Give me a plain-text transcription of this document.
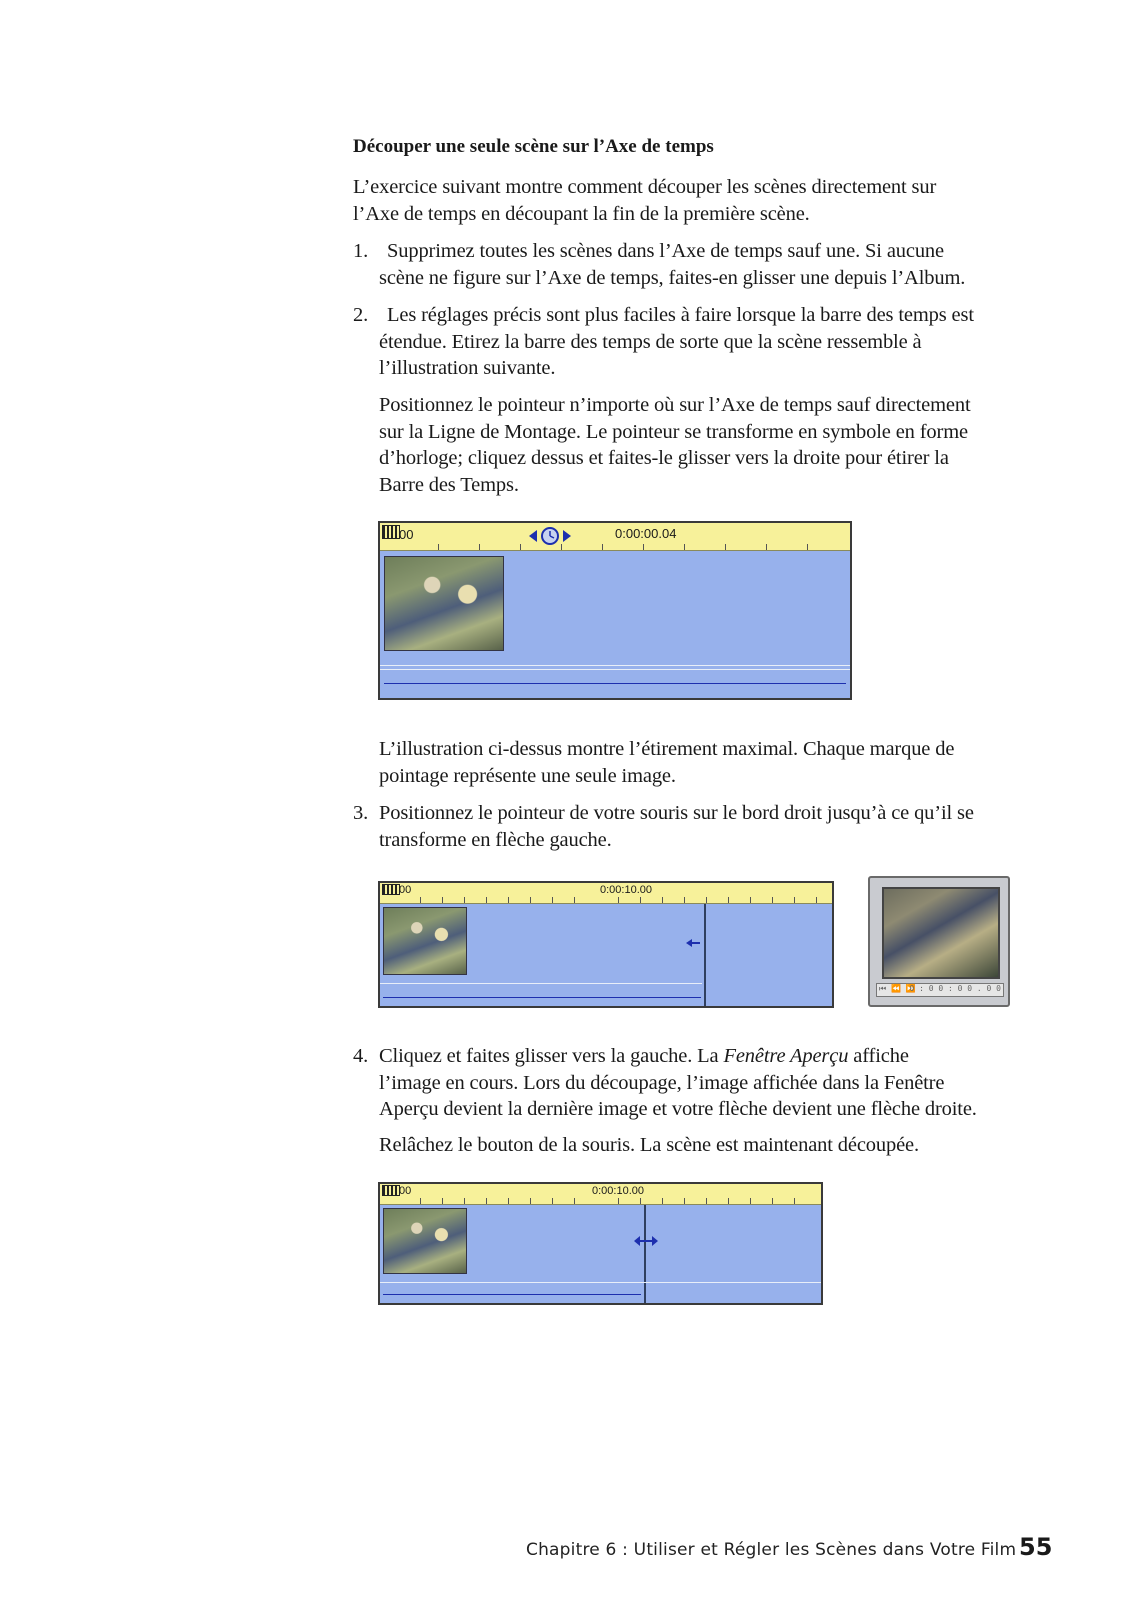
Découper une seule scène sur l’Axe de temps
L’exercice suivant montre comment découper les scènes directement sur
l’Axe de temps en découpant la fin de la première scène.
1. Supprimez toutes les scènes dans l’Axe de temps sauf une. Si aucune
scène ne figure sur l’Axe de temps, faites-en glisser une depuis l’Album.
2. Les réglages précis sont plus faciles à faire lorsque la barre des temps est
étendue. Etirez la barre des temps de sorte que la scène ressemble à
l’illustration suivante.
Positionnez le pointeur n’importe où sur l’Axe de temps sauf directement
sur la Ligne de Montage. Le pointeur se transforme en symbole en forme
d’horloge; cliquez dessus et faites-le glisser vers la droite pour étirer la
Barre des Temps.
00	0:00:00.04
L’illustration ci-dessus montre l’étirement maximal. Chaque marque de
pointage représente une seule image.
3. Positionnez le pointeur de votre souris sur le bord droit jusqu’à ce qu’il se
transforme en flèche gauche.
00	0:00:10.00
⏮ ⏪ ⏩
0 : 0 0 : 0 0 . 0 0
4. Cliquez et faites glisser vers la gauche. La Fenêtre Aperçu affiche
l’image en cours. Lors du découpage, l’image affichée dans la Fenêtre
Aperçu devient la dernière image et votre flèche devient une flèche droite.
Relâchez le bouton de la souris. La scène est maintenant découpée.
00	0:00:10.00
Chapitre 6 : Utiliser et Régler les Scènes dans Votre Film 55
